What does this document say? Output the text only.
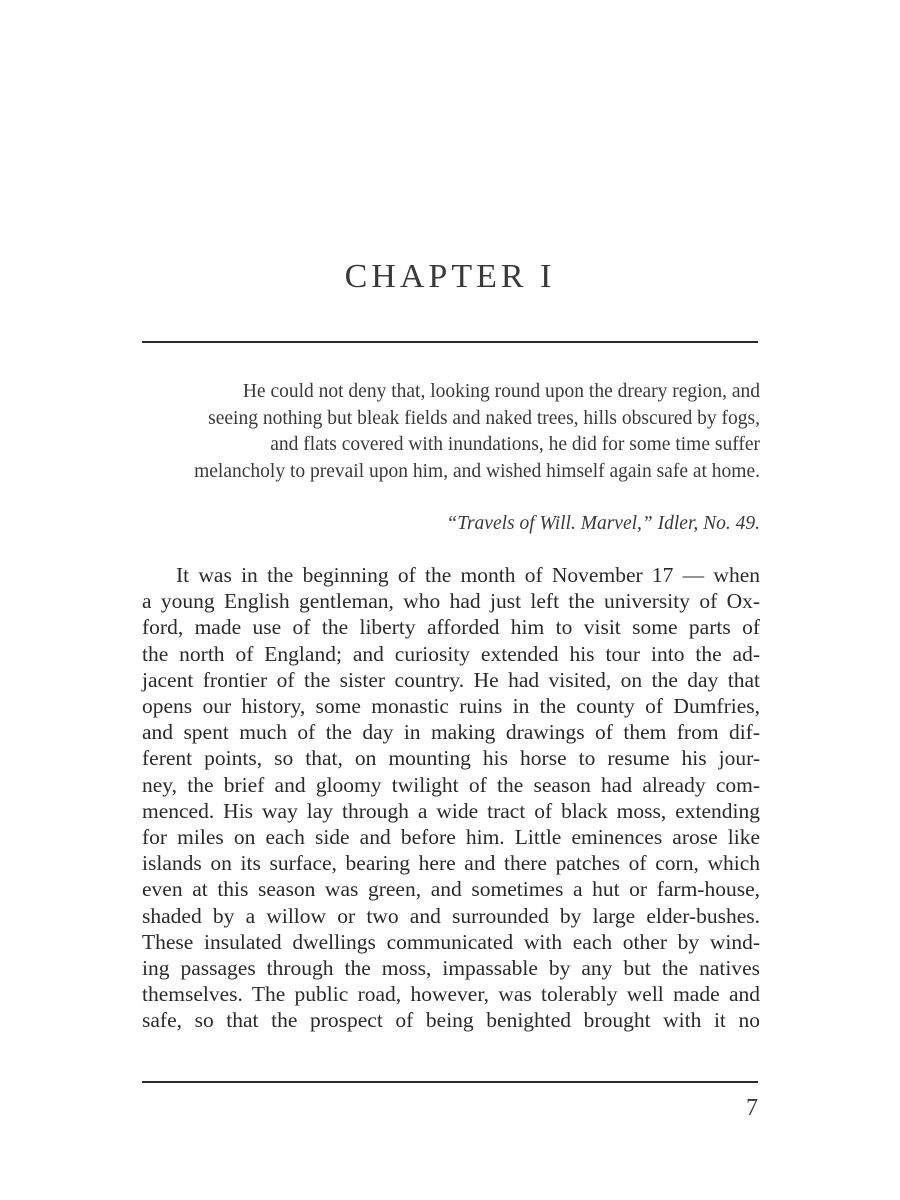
CHAPTER I
He could not deny that, looking round upon the dreary region, and
seeing nothing but bleak fields and naked trees, hills obscured by fogs,
and flats covered with inundations, he did for some time suffer
melancholy to prevail upon him, and wished himself again safe at home.
“Travels of Will. Marvel,” Idler, No. 49.
It was in the beginning of the month of November 17 — when
a young English gentleman, who had just left the university of Ox-
ford, made use of the liberty afforded him to visit some parts of
the north of England; and curiosity extended his tour into the ad-
jacent frontier of the sister country. He had visited, on the day that
opens our history, some monastic ruins in the county of Dumfries,
and spent much of the day in making drawings of them from dif-
ferent points, so that, on mounting his horse to resume his jour-
ney, the brief and gloomy twilight of the season had already com-
menced. His way lay through a wide tract of black moss, extending
for miles on each side and before him. Little eminences arose like
islands on its surface, bearing here and there patches of corn, which
even at this season was green, and sometimes a hut or farm-house,
shaded by a willow or two and surrounded by large elder-bushes.
These insulated dwellings communicated with each other by wind-
ing passages through the moss, impassable by any but the natives
themselves. The public road, however, was tolerably well made and
safe, so that the prospect of being benighted brought with it no
7
